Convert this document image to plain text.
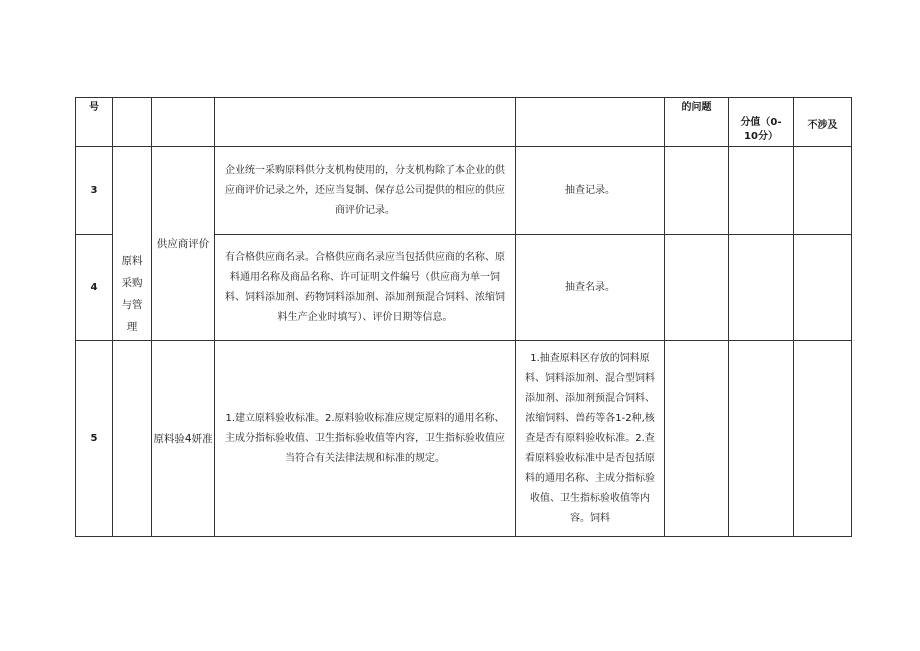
号					的问题	分值（0-10分）	不涉及
3	原料采购与管理	供应商评价	企业统一采购原料供分支机构使用的，分支机构除了本企业的供应商评价记录之外，还应当复制、保存总公司提供的相应的供应商评价记录。	抽查记录。			
4			有合格供应商名录。合格供应商名录应当包括供应商的名称、原料通用名称及商品名称、许可证明文件编号（供应商为单一饲料、饲料添加剂、药物饲料添加剂、添加剂预混合饲料、浓缩饲料生产企业时填写）、评价日期等信息。	抽查名录。			
5		原料验4妍准	1.建立原料验收标准。2.原料验收标准应规定原料的通用名称、主成分指标验收值、卫生指标验收值等内容，卫生指标验收值应当符合有关法律法规和标准的规定。	1.抽查原料区存放的饲料原料、饲料添加剂、混合型饲料添加剂、添加剂预混合饲料、浓缩饲料、兽药等各1-2种,核查是否有原料验收标准。2.查看原料验收标准中是否包括原料的通用名称、主成分指标验收值、卫生指标验收值等内容。饲料			
